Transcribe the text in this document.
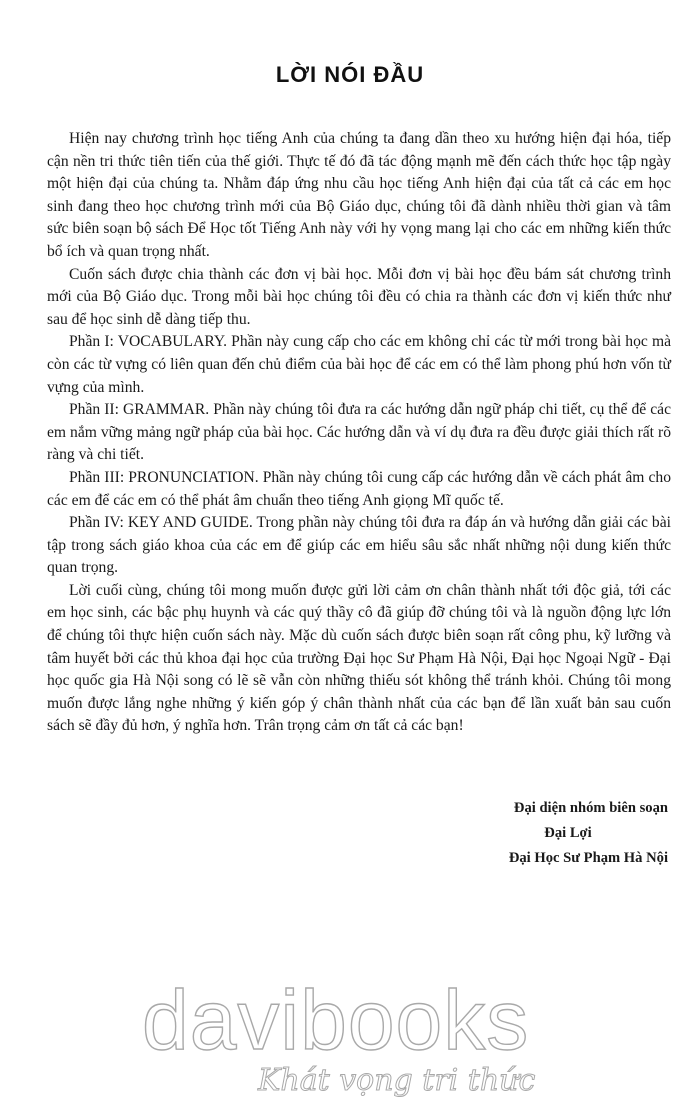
LỜI NÓI ĐẦU

Hiện nay chương trình học tiếng Anh của chúng ta đang dần theo xu hướng hiện đại hóa, tiếp cận nền tri thức tiên tiến của thế giới. Thực tế đó đã tác động mạnh mẽ đến cách thức học tập ngày một hiện đại của chúng ta. Nhằm đáp ứng nhu cầu học tiếng Anh hiện đại của tất cả các em học sinh đang theo học chương trình mới của Bộ Giáo dục, chúng tôi đã dành nhiều thời gian và tâm sức biên soạn bộ sách Để Học tốt Tiếng Anh này với hy vọng mang lại cho các em những kiến thức bổ ích và quan trọng nhất.

Cuốn sách được chia thành các đơn vị bài học. Mỗi đơn vị bài học đều bám sát chương trình mới của Bộ Giáo dục. Trong mỗi bài học chúng tôi đều có chia ra thành các đơn vị kiến thức như sau để học sinh dễ dàng tiếp thu.

Phần I: VOCABULARY. Phần này cung cấp cho các em không chỉ các từ mới trong bài học mà còn các từ vựng có liên quan đến chủ điểm của bài học để các em có thể làm phong phú hơn vốn từ vựng của mình.

Phần II: GRAMMAR. Phần này chúng tôi đưa ra các hướng dẫn ngữ pháp chi tiết, cụ thể để các em nắm vững mảng ngữ pháp của bài học. Các hướng dẫn và ví dụ đưa ra đều được giải thích rất rõ ràng và chi tiết.

Phần III: PRONUNCIATION. Phần này chúng tôi cung cấp các hướng dẫn về cách phát âm cho các em để các em có thể phát âm chuẩn theo tiếng Anh giọng Mĩ quốc tế.

Phần IV: KEY AND GUIDE. Trong phần này chúng tôi đưa ra đáp án và hướng dẫn giải các bài tập trong sách giáo khoa của các em để giúp các em hiểu sâu sắc nhất những nội dung kiến thức quan trọng.

Lời cuối cùng, chúng tôi mong muốn được gửi lời cảm ơn chân thành nhất tới độc giả, tới các em học sinh, các bậc phụ huynh và các quý thầy cô đã giúp đỡ chúng tôi và là nguồn động lực lớn để chúng tôi thực hiện cuốn sách này. Mặc dù cuốn sách được biên soạn rất công phu, kỹ lưỡng và tâm huyết bởi các thủ khoa đại học của trường Đại học Sư Phạm Hà Nội, Đại học Ngoại Ngữ - Đại học quốc gia Hà Nội song có lẽ sẽ vẫn còn những thiếu sót không thể tránh khỏi. Chúng tôi mong muốn được lắng nghe những ý kiến góp ý chân thành nhất của các bạn để lần xuất bản sau cuốn sách sẽ đầy đủ hơn, ý nghĩa hơn. Trân trọng cảm ơn tất cả các bạn!

Đại diện nhóm biên soạn
Đại Lợi
Đại Học Sư Phạm Hà Nội
davibooks
Khát vọng tri thức
